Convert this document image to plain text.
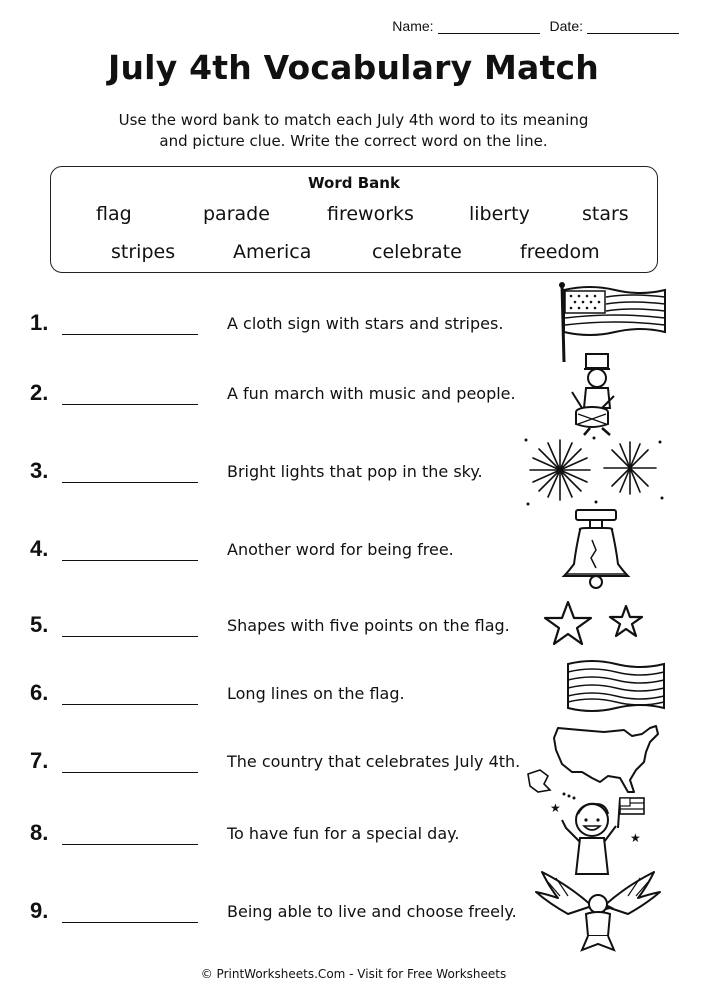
Name:	Date:
July 4th Vocabulary Match
Use the word bank to match each July 4th word to its meaning
and picture clue. Write the correct word on the line.
Word Bank
flag	parade	fireworks	liberty	stars
stripes	America	celebrate	freedom
1.	A cloth sign with stars and stripes.
2.	A fun march with music and people.
3.	Bright lights that pop in the sky.
4.	Another word for being free.
5.	Shapes with five points on the flag.
6.	Long lines on the flag.
7.	The country that celebrates July 4th.
8.	To have fun for a special day.
★
★
9.	Being able to live and choose freely.
© PrintWorksheets.Com - Visit for Free Worksheets
